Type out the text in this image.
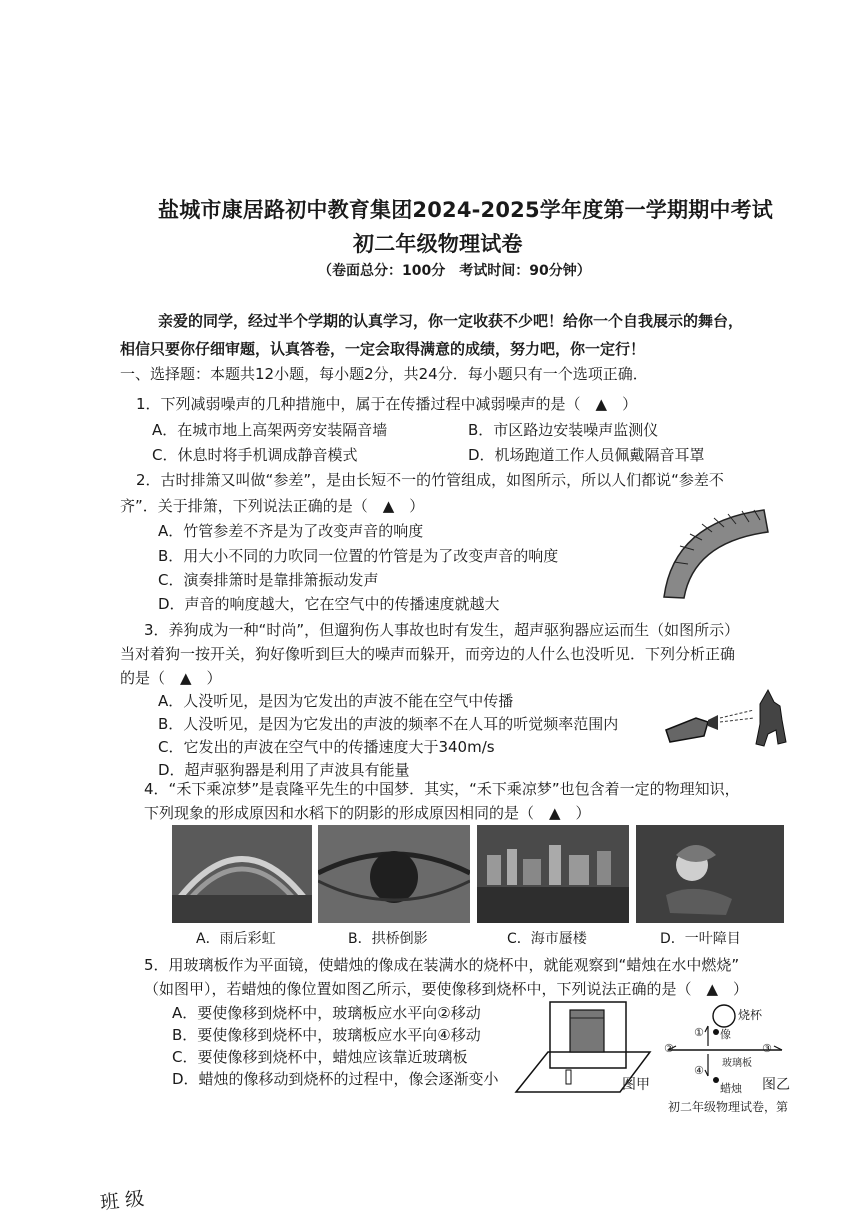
盐城市康居路初中教育集团2024-2025学年度第一学期期中考试
初二年级物理试卷
（卷面总分：100分　考试时间：90分钟）
亲爱的同学，经过半个学期的认真学习，你一定收获不少吧！给你一个自我展示的舞台，
相信只要你仔细审题，认真答卷，一定会取得满意的成绩，努力吧，你一定行！
一、选择题：本题共12小题，每小题2分，共24分．每小题只有一个选项正确．
1．下列减弱噪声的几种措施中，属于在传播过程中减弱噪声的是（　▲　）
A．在城市地上高架两旁安装隔音墙	B．市区路边安装噪声监测仪
C．休息时将手机调成静音模式	D．机场跑道工作人员佩戴隔音耳罩
2．古时排箫又叫做“参差”，是由长短不一的竹管组成，如图所示，所以人们都说“参差不
齐”．关于排箫，下列说法正确的是（　▲　）
A．竹管参差不齐是为了改变声音的响度
B．用大小不同的力吹同一位置的竹管是为了改变声音的响度
C．演奏排箫时是靠排箫振动发声
D．声音的响度越大，它在空气中的传播速度就越大
3．养狗成为一种“时尚”，但遛狗伤人事故也时有发生，超声驱狗器应运而生（如图所示）
当对着狗一按开关，狗好像听到巨大的噪声而躲开，而旁边的人什么也没听见．下列分析正确
的是（　▲　）
A．人没听见，是因为它发出的声波不能在空气中传播
B．人没听见，是因为它发出的声波的频率不在人耳的听觉频率范围内
C．它发出的声波在空气中的传播速度大于340m/s
D．超声驱狗器是利用了声波具有能量
4．“禾下乘凉梦”是袁隆平先生的中国梦．其实，“禾下乘凉梦”也包含着一定的物理知识，
下列现象的形成原因和水稻下的阴影的形成原因相同的是（　▲　）
A．雨后彩虹	B．拱桥倒影	C．海市蜃楼	D．一叶障目
5．用玻璃板作为平面镜，使蜡烛的像成在装满水的烧杯中，就能观察到“蜡烛在水中燃烧”
（如图甲），若蜡烛的像位置如图乙所示，要使像移到烧杯中，下列说法正确的是（　▲　）
A．要使像移到烧杯中，玻璃板应水平向②移动
B．要使像移到烧杯中，玻璃板应水平向④移动
C．要使像移到烧杯中，蜡烛应该靠近玻璃板
D．蜡烛的像移动到烧杯的过程中，像会逐渐变小	图甲
烧杯
① 像
②	③
玻璃板
④
蜡烛 图乙
初二年级物理试卷，第
班 级
